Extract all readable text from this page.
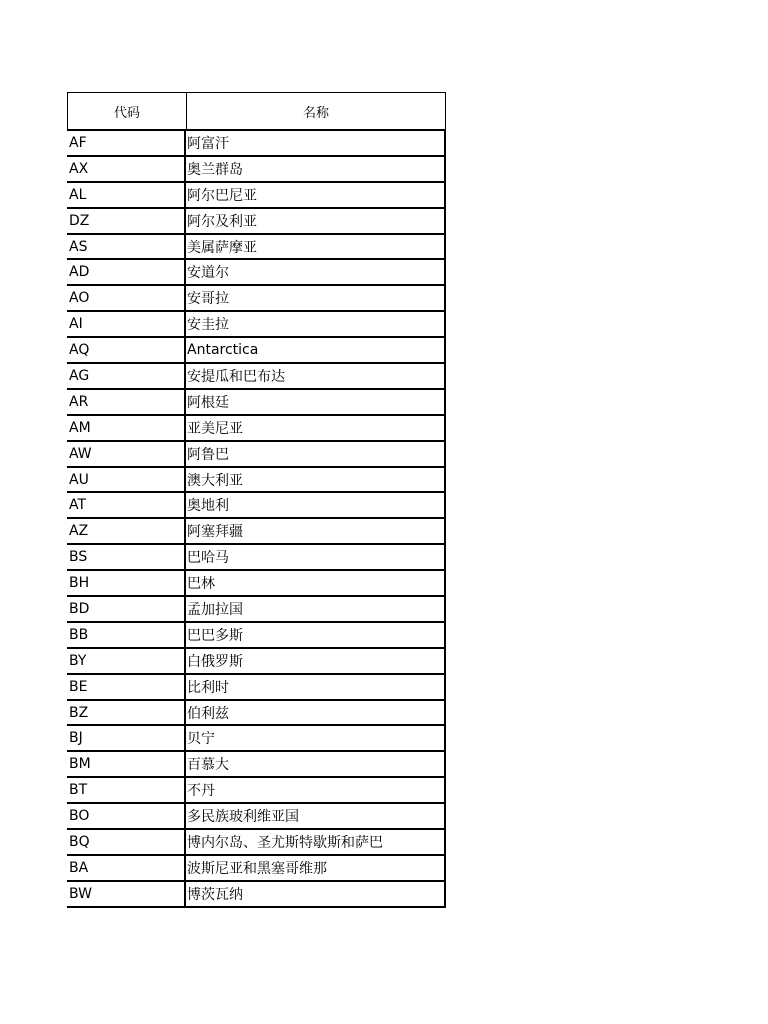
代码	名称
AF	阿富汗
AX	奥兰群岛
AL	阿尔巴尼亚
DZ	阿尔及利亚
AS	美属萨摩亚
AD	安道尔
AO	安哥拉
AI	安圭拉
AQ	Antarctica
AG	安提瓜和巴布达
AR	阿根廷
AM	亚美尼亚
AW	阿鲁巴
AU	澳大利亚
AT	奥地利
AZ	阿塞拜疆
BS	巴哈马
BH	巴林
BD	孟加拉国
BB	巴巴多斯
BY	白俄罗斯
BE	比利时
BZ	伯利兹
BJ	贝宁
BM	百慕大
BT	不丹
BO	多民族玻利维亚国
BQ	博内尔岛、圣尤斯特歇斯和萨巴
BA	波斯尼亚和黑塞哥维那
BW	博茨瓦纳
